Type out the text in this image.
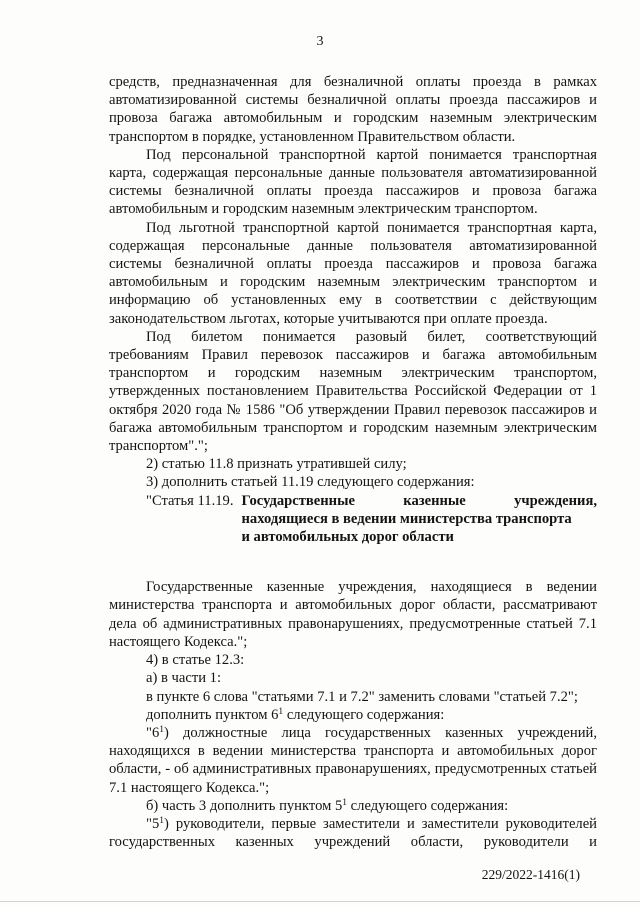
3

средств, предназначенная для безналичной оплаты проезда в рамках автоматизированной системы безналичной оплаты проезда пассажиров и провоза багажа автомобильным и городским наземным электрическим транспортом в порядке, установленном Правительством области.

Под персональной транспортной картой понимается транспортная карта, содержащая персональные данные пользователя автоматизированной системы безналичной оплаты проезда пассажиров и провоза багажа автомобильным и городским наземным электрическим транспортом.

Под льготной транспортной картой понимается транспортная карта, содержащая персональные данные пользователя автоматизированной системы безналичной оплаты проезда пассажиров и провоза багажа автомобильным и городским наземным электрическим транспортом и информацию об установленных ему в соответствии с действующим законодательством льготах, которые учитываются при оплате проезда.

Под билетом понимается разовый билет, соответствующий требованиям Правил перевозок пассажиров и багажа автомобильным транспортом и городским наземным электрическим транспортом, утвержденных постановлением Правительства Российской Федерации от 1 октября 2020 года № 1586 "Об утверждении Правил перевозок пассажиров и багажа автомобильным транспортом и городским наземным электрическим транспортом".";

2) статью 11.8 признать утратившей силу;

3) дополнить статьей 11.19 следующего содержания:

"Статья 11.19. Государственные казенные учреждения,
находящиеся в ведении министерства транспорта
и автомобильных дорог области

Государственные казенные учреждения, находящиеся в ведении министерства транспорта и автомобильных дорог области, рассматривают дела об административных правонарушениях, предусмотренные статьей 7.1 настоящего Кодекса.";

4) в статье 12.3:

а) в части 1:

в пункте 6 слова "статьями 7.1 и 7.2" заменить словами "статьей 7.2";

дополнить пунктом $6^1$ следующего содержания:

"$6^1$) должностные лица государственных казенных учреждений, находящихся в ведении министерства транспорта и автомобильных дорог области, - об административных правонарушениях, предусмотренных статьей 7.1 настоящего Кодекса.";

б) часть 3 дополнить пунктом $5^1$ следующего содержания:

"$5^1$) руководители, первые заместители и заместители руководителей государственных казенных учреждений области, руководители и

229/2022-1416(1)
